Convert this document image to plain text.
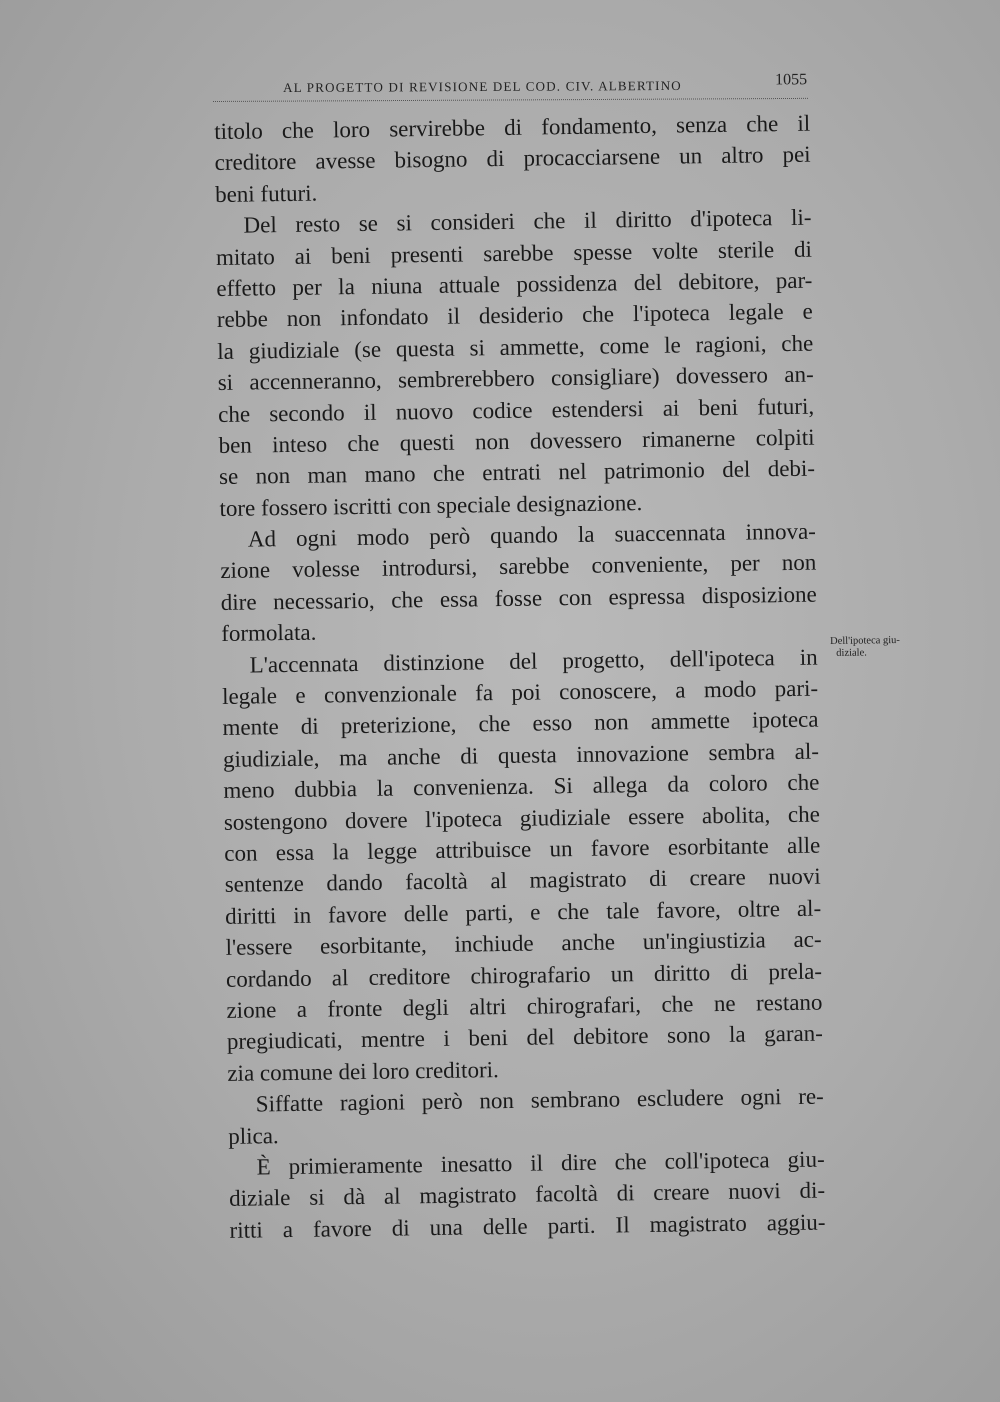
AL PROGETTO DI REVISIONE DEL COD. CIV. ALBERTINO	1055
titolo che loro servirebbe di fondamento, senza che il
creditore avesse bisogno di procacciarsene un altro pei
beni futuri.
Del resto se si consideri che il diritto d'ipoteca li-
mitato ai beni presenti sarebbe spesse volte sterile di
effetto per la niuna attuale possidenza del debitore, par-
rebbe non infondato il desiderio che l'ipoteca legale e
la giudiziale (se questa si ammette, come le ragioni, che
si accenneranno, sembrerebbero consigliare) dovessero an-
che secondo il nuovo codice estendersi ai beni futuri,
ben inteso che questi non dovessero rimanerne colpiti
se non man mano che entrati nel patrimonio del debi-
tore fossero iscritti con speciale designazione.
Ad ogni modo però quando la suaccennata innova-
zione volesse introdursi, sarebbe conveniente, per non
dire necessario, che essa fosse con espressa disposizione
formolata.
L'accennata distinzione del progetto, dell'ipoteca in
legale e convenzionale fa poi conoscere, a modo pari-
mente di preterizione, che esso non ammette ipoteca
giudiziale, ma anche di questa innovazione sembra al-
meno dubbia la convenienza. Si allega da coloro che
sostengono dovere l'ipoteca giudiziale essere abolita, che
con essa la legge attribuisce un favore esorbitante alle
sentenze dando facoltà al magistrato di creare nuovi
diritti in favore delle parti, e che tale favore, oltre al-
l'essere esorbitante, inchiude anche un'ingiustizia ac-
cordando al creditore chirografario un diritto di prela-
zione a fronte degli altri chirografari, che ne restano
pregiudicati, mentre i beni del debitore sono la garan-
zia comune dei loro creditori.
Siffatte ragioni però non sembrano escludere ogni re-
plica.
È primieramente inesatto il dire che coll'ipoteca giu-
diziale si dà al magistrato facoltà di creare nuovi di-
ritti a favore di una delle parti. Il magistrato aggiu-
Dell'ipoteca giu-
diziale.
